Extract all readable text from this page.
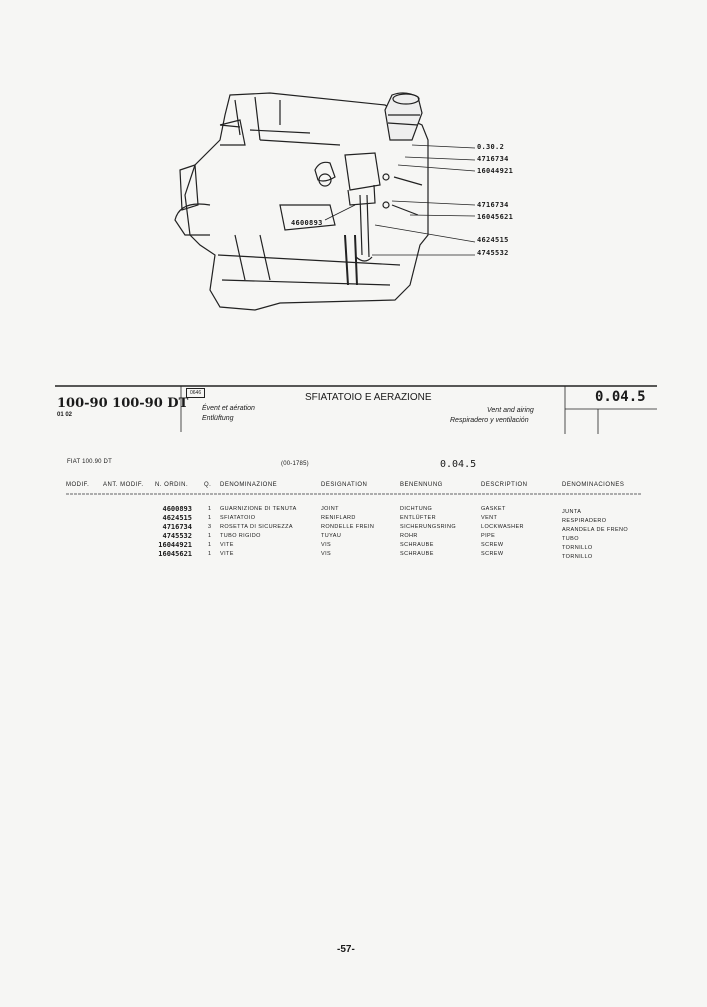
0.30.2
4716734
16044921
4716734
16045621
4624515
4745532
4600893
100-90 100-90 DT
01 02
0646	SFIATATOIO E AERAZIONE
Évent et aération
Entlüftung
Vent and airing
Respiradero y ventilación
0.04.5
FIAT 100.90 DT	(00-1785)	0.04.5
MODIF. ANT. MODIF. N. ORDIN.	Q. DENOMINAZIONE	DESIGNATION	BENENNUNG	DESCRIPTION	DENOMINACIONES
4600893	1 GUARNIZIONE DI TENUTA	JOINT	DICHTUNG	GASKET	JUNTA
4624515	1 SFIATATOIO	RENIFLARD	ENTLÜFTER	VENT	RESPIRADERO
4716734	3 ROSETTA DI SICUREZZA	RONDELLE FREIN	SICHERUNGSRING	LOCKWASHER	ARANDELA DE FRENO
4745532	1 TUBO RIGIDO	TUYAU	ROHR	PIPE	TUBO
16044921	1 VITE	VIS	SCHRAUBE	SCREW	TORNILLO
16045621	1 VITE	VIS	SCHRAUBE	SCREW	TORNILLO
-57-
